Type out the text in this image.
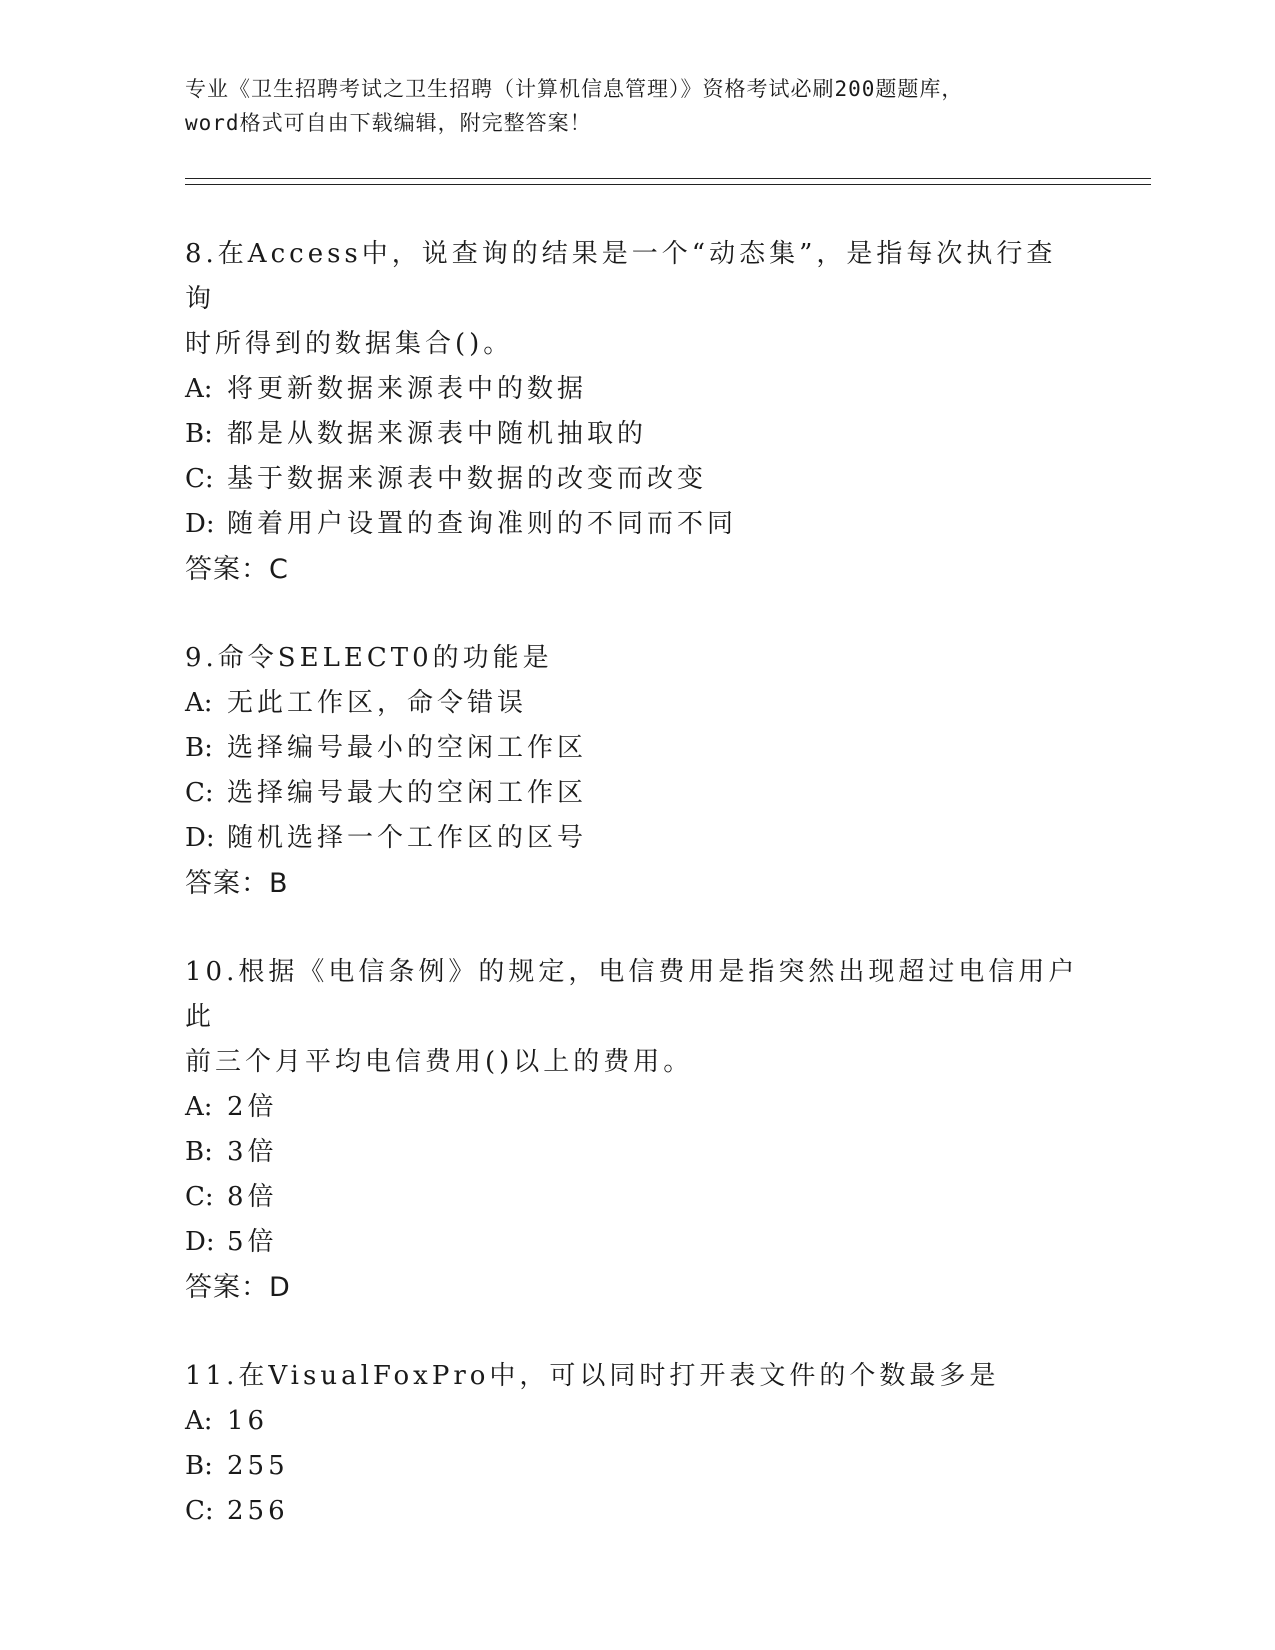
专业《卫生招聘考试之卫生招聘（计算机信息管理）》资格考试必刷200题题库，
word格式可自由下载编辑，附完整答案！

8.在Access中，说查询的结果是一个“动态集”，是指每次执行查询

时所得到的数据集合()。

A: 将更新数据来源表中的数据

B: 都是从数据来源表中随机抽取的

C: 基于数据来源表中数据的改变而改变

D: 随着用户设置的查询准则的不同而不同

答案：C

9.命令SELECT0的功能是

A: 无此工作区，命令错误

B: 选择编号最小的空闲工作区

C: 选择编号最大的空闲工作区

D: 随机选择一个工作区的区号

答案：B

10.根据《电信条例》的规定，电信费用是指突然出现超过电信用户此

前三个月平均电信费用()以上的费用。

A: 2倍

B: 3倍

C: 8倍

D: 5倍

答案：D

11.在VisualFoxPro中，可以同时打开表文件的个数最多是

A: 16

B: 255

C: 256
